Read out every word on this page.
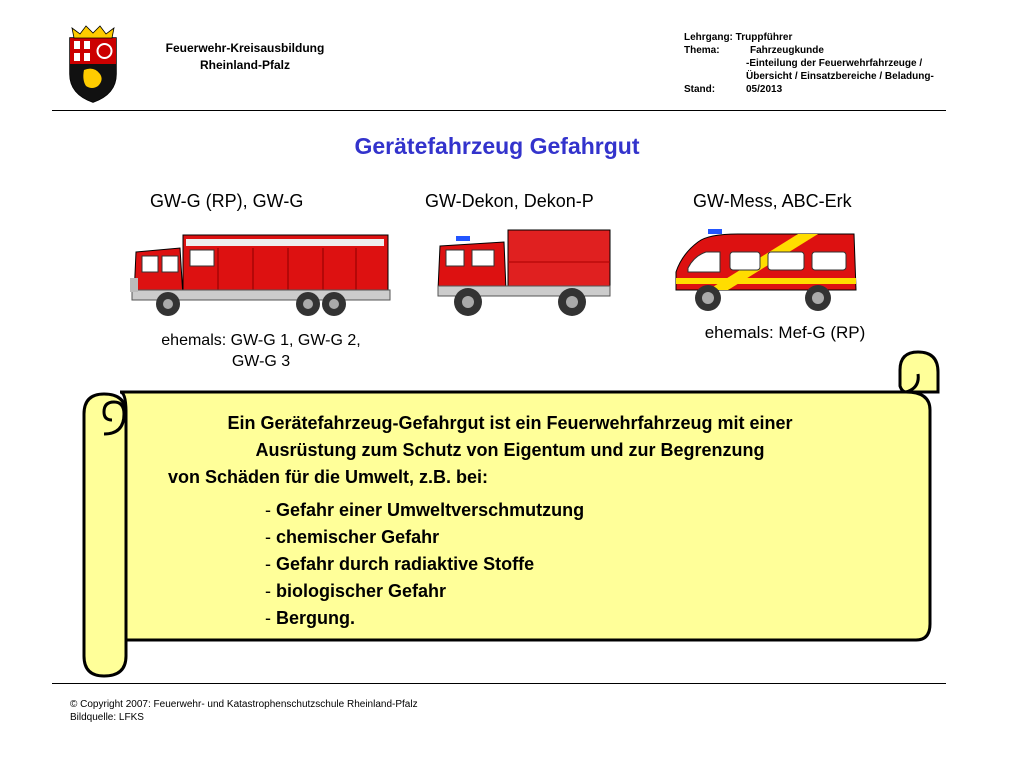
Feuerwehr-Kreisausbildung
Rheinland-Pfalz
Lehrgang: Truppführer
Thema:	Fahrzeugkunde
-Einteilung der Feuerwehrfahrzeuge /
Übersicht / Einsatzbereiche / Beladung-
Stand:	05/2013
Gerätefahrzeug Gefahrgut
GW-G (RP), GW-G	GW-Dekon, Dekon-P	GW-Mess, ABC-Erk
ehemals: GW-G 1, GW-G 2,
GW-G 3
ehemals: Mef-G (RP)
Ein Gerätefahrzeug-Gefahrgut ist ein Feuerwehrfahrzeug mit einer
Ausrüstung zum Schutz von Eigentum und zur Begrenzung
von Schäden für die Umwelt, z.B. bei:
- Gefahr einer Umweltverschmutzung
- chemischer Gefahr
- Gefahr durch radiaktive Stoffe
- biologischer Gefahr
- Bergung.
© Copyright 2007: Feuerwehr- und Katastrophenschutzschule Rheinland-Pfalz
Bildquelle: LFKS
